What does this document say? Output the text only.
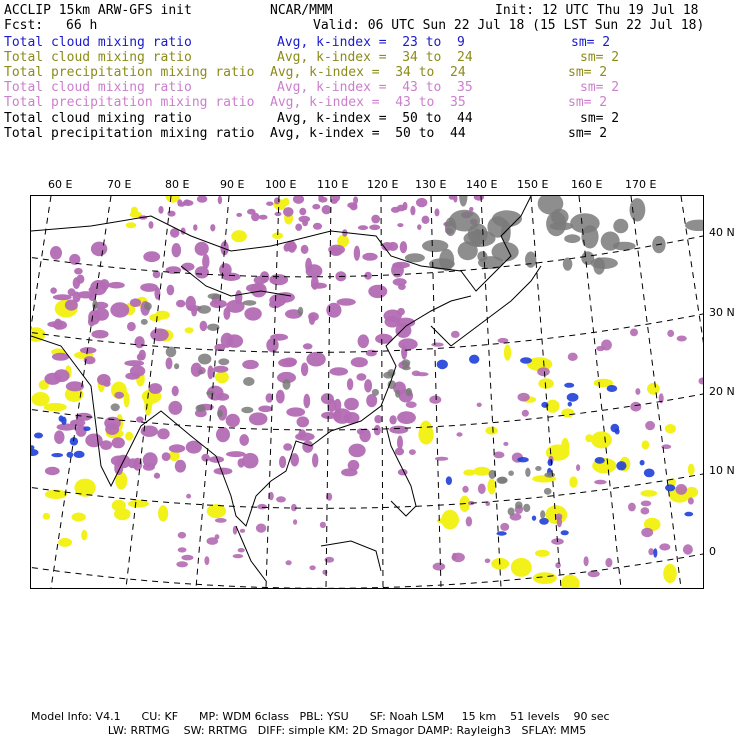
ACCLIP 15km ARW-GFS init	NCAR/MMM	Init: 12 UTC Thu 19 Jul 18
Fcst: 66 h	Valid: 06 UTC Sun 22 Jul 18 (15 LST Sun 22 Jul 18)
Total cloud mixing ratio	Avg, k-index =  23 to  9	sm= 2
Total cloud mixing ratio	Avg, k-index =  34 to  24	sm= 2
Total precipitation mixing ratio Avg, k-index =  34 to  24	sm= 2
Total cloud mixing ratio	Avg, k-index =  43 to  35	sm= 2
Total precipitation mixing ratio Avg, k-index =  43 to  35	sm= 2
Total cloud mixing ratio	Avg, k-index =  50 to  44	sm= 2
Total precipitation mixing ratio Avg, k-index =  50 to  44	sm= 2
60 E	70 E	80 E	90 E 100 E 110 E 120 E 130 E 140 E 150 E 160 E 170 E
40 N
30 N
20 N
10 N
0
Model Info: V4.1      CU: KF      MP: WDM 6class   PBL: YSU      SF: Noah LSM     15 km    51 levels    90 sec
LW: RRTMG    SW: RRTMG   DIFF: simple KM: 2D Smagor DAMP: Rayleigh3   SFLAY: MM5
